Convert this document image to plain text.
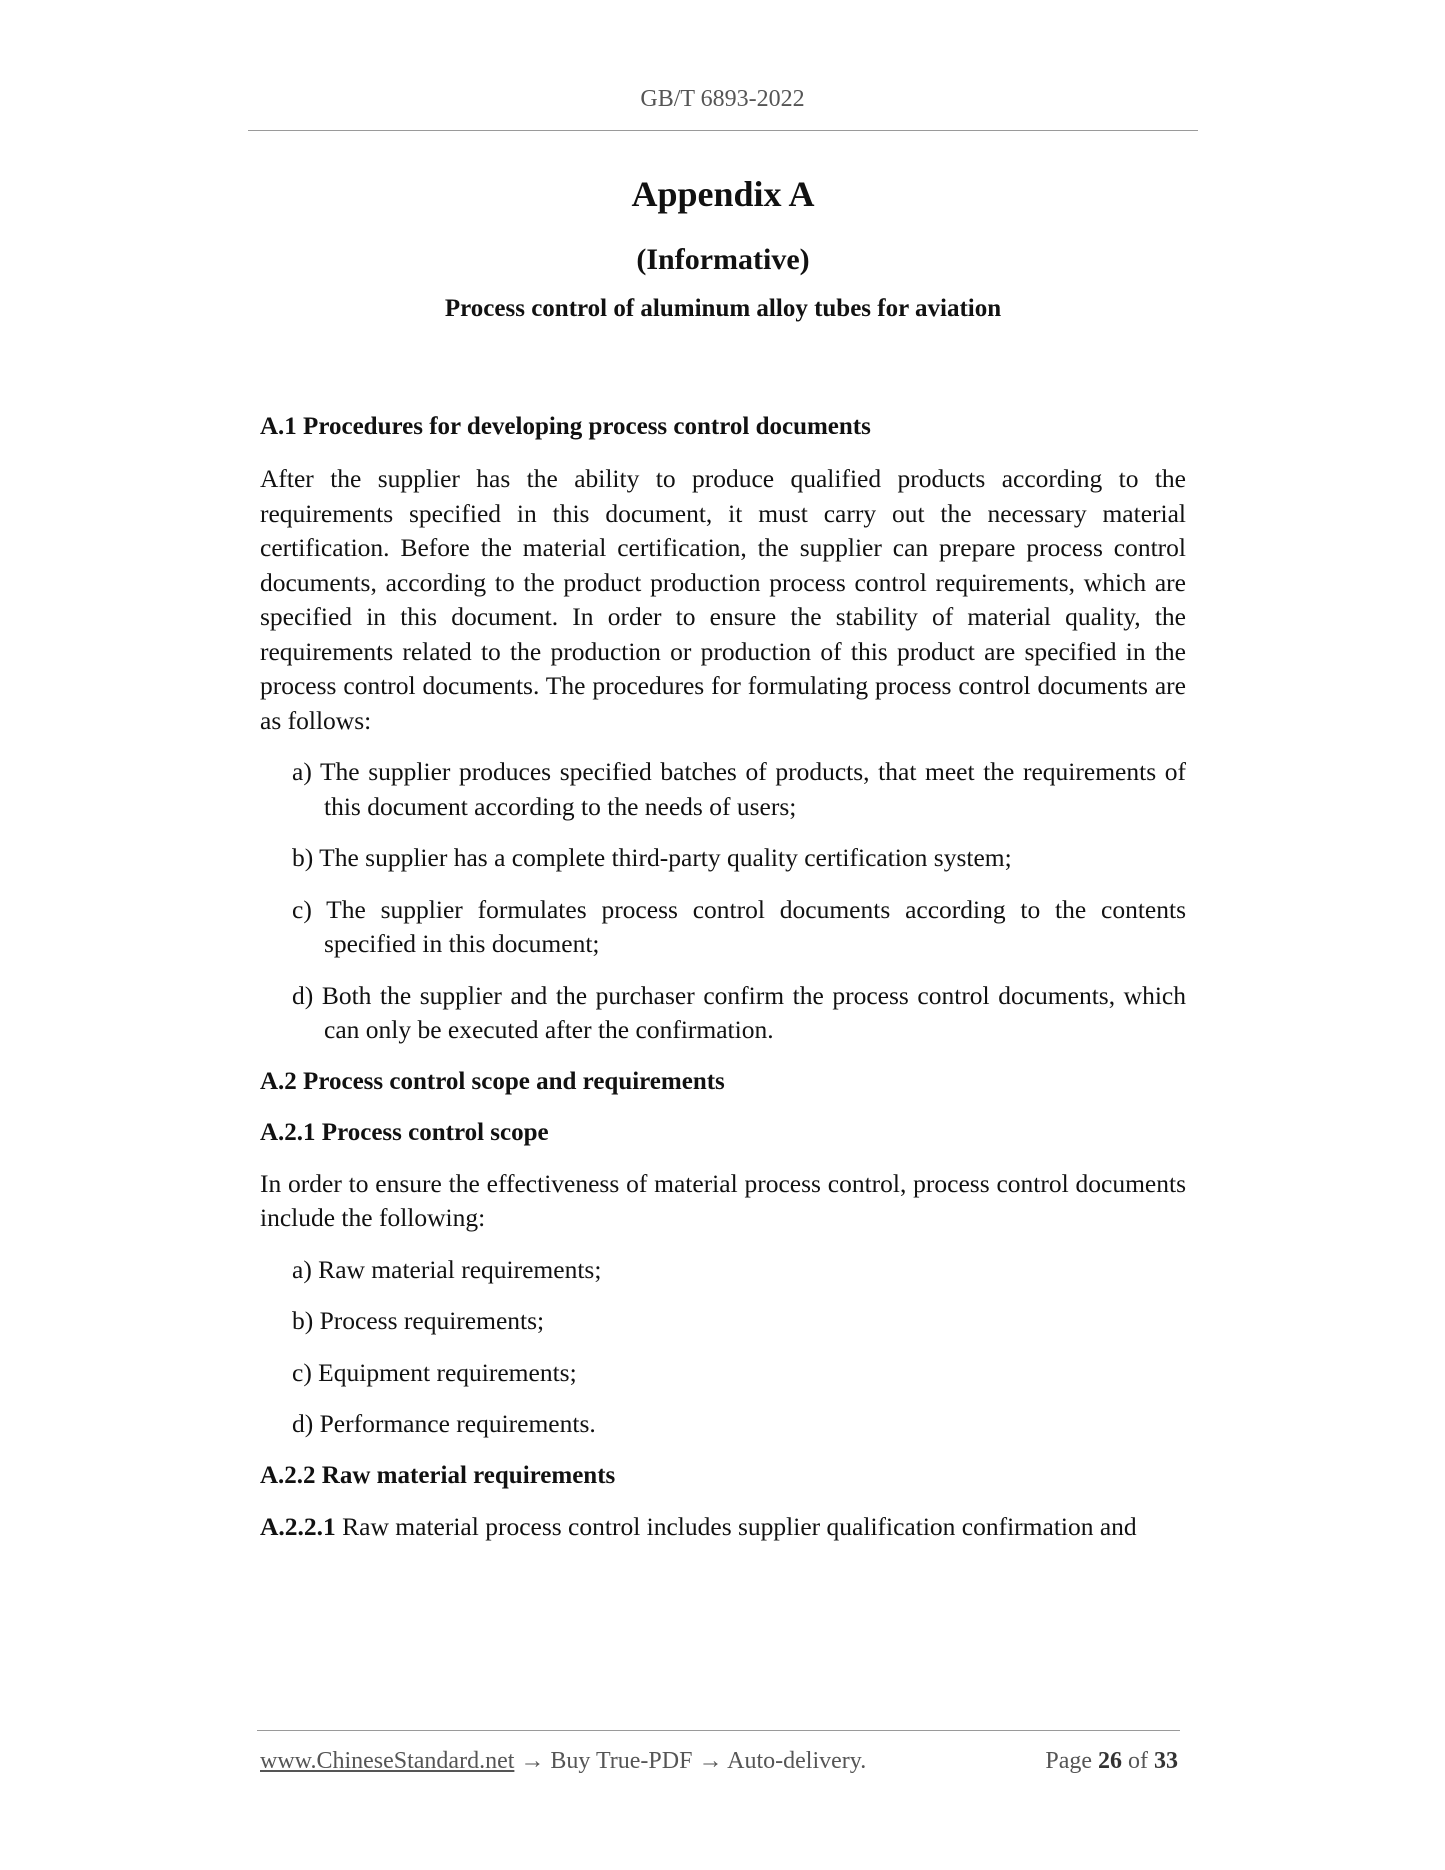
GB/T 6893-2022
Appendix A
(Informative)
Process control of aluminum alloy tubes for aviation
A.1 Procedures for developing process control documents
After the supplier has the ability to produce qualified products according to the requirements specified in this document, it must carry out the necessary material certification. Before the material certification, the supplier can prepare process control documents, according to the product production process control requirements, which are specified in this document. In order to ensure the stability of material quality, the requirements related to the production or production of this product are specified in the process control documents. The procedures for formulating process control documents are as follows:
a) The supplier produces specified batches of products, that meet the requirements of this document according to the needs of users;
b) The supplier has a complete third-party quality certification system;
c) The supplier formulates process control documents according to the contents specified in this document;
d) Both the supplier and the purchaser confirm the process control documents, which can only be executed after the confirmation.
A.2 Process control scope and requirements
A.2.1 Process control scope
In order to ensure the effectiveness of material process control, process control documents include the following:
a) Raw material requirements;
b) Process requirements;
c) Equipment requirements;
d) Performance requirements.
A.2.2 Raw material requirements
A.2.2.1 Raw material process control includes supplier qualification confirmation and
www.ChineseStandard.net → Buy True-PDF → Auto-delivery.	Page 26 of 33
